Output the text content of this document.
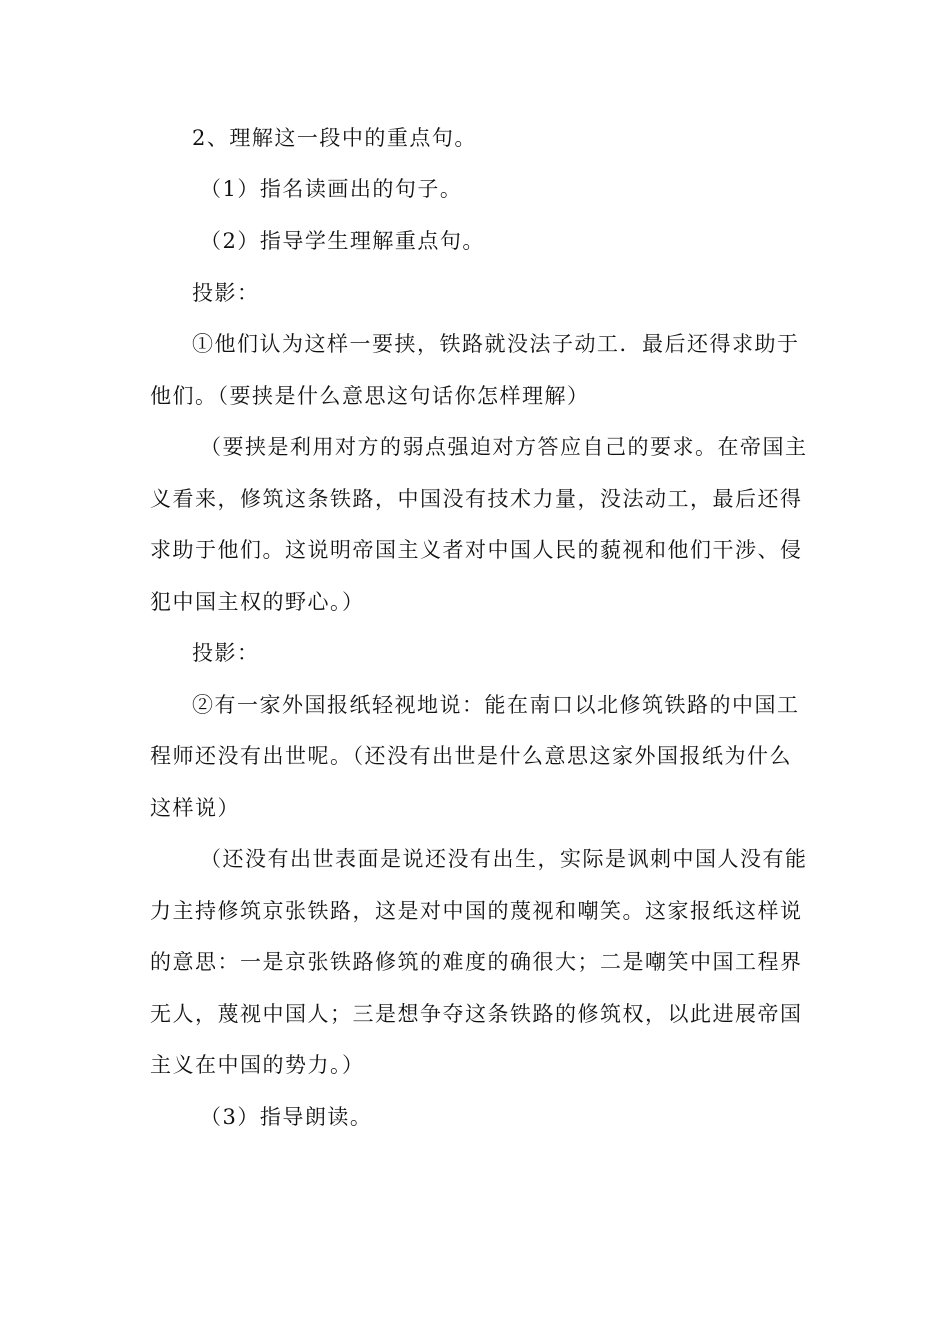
2、理解这一段中的重点句。
（1）指名读画出的句子。
（2）指导学生理解重点句。
投影：
①他们认为这样一要挟，铁路就没法子动工．最后还得求助于
他们。（要挟是什么意思这句话你怎样理解）
（要挟是利用对方的弱点强迫对方答应自己的要求。在帝国主
义看来，修筑这条铁路，中国没有技术力量，没法动工，最后还得
求助于他们。这说明帝国主义者对中国人民的藐视和他们干涉、侵
犯中国主权的野心。）
投影：
②有一家外国报纸轻视地说：能在南口以北修筑铁路的中国工
程师还没有出世呢。（还没有出世是什么意思这家外国报纸为什么
这样说）
（还没有出世表面是说还没有出生，实际是讽刺中国人没有能
力主持修筑京张铁路，这是对中国的蔑视和嘲笑。这家报纸这样说
的意思：一是京张铁路修筑的难度的确很大；二是嘲笑中国工程界
无人，蔑视中国人；三是想争夺这条铁路的修筑权，以此进展帝国
主义在中国的势力。）
（3）指导朗读。
